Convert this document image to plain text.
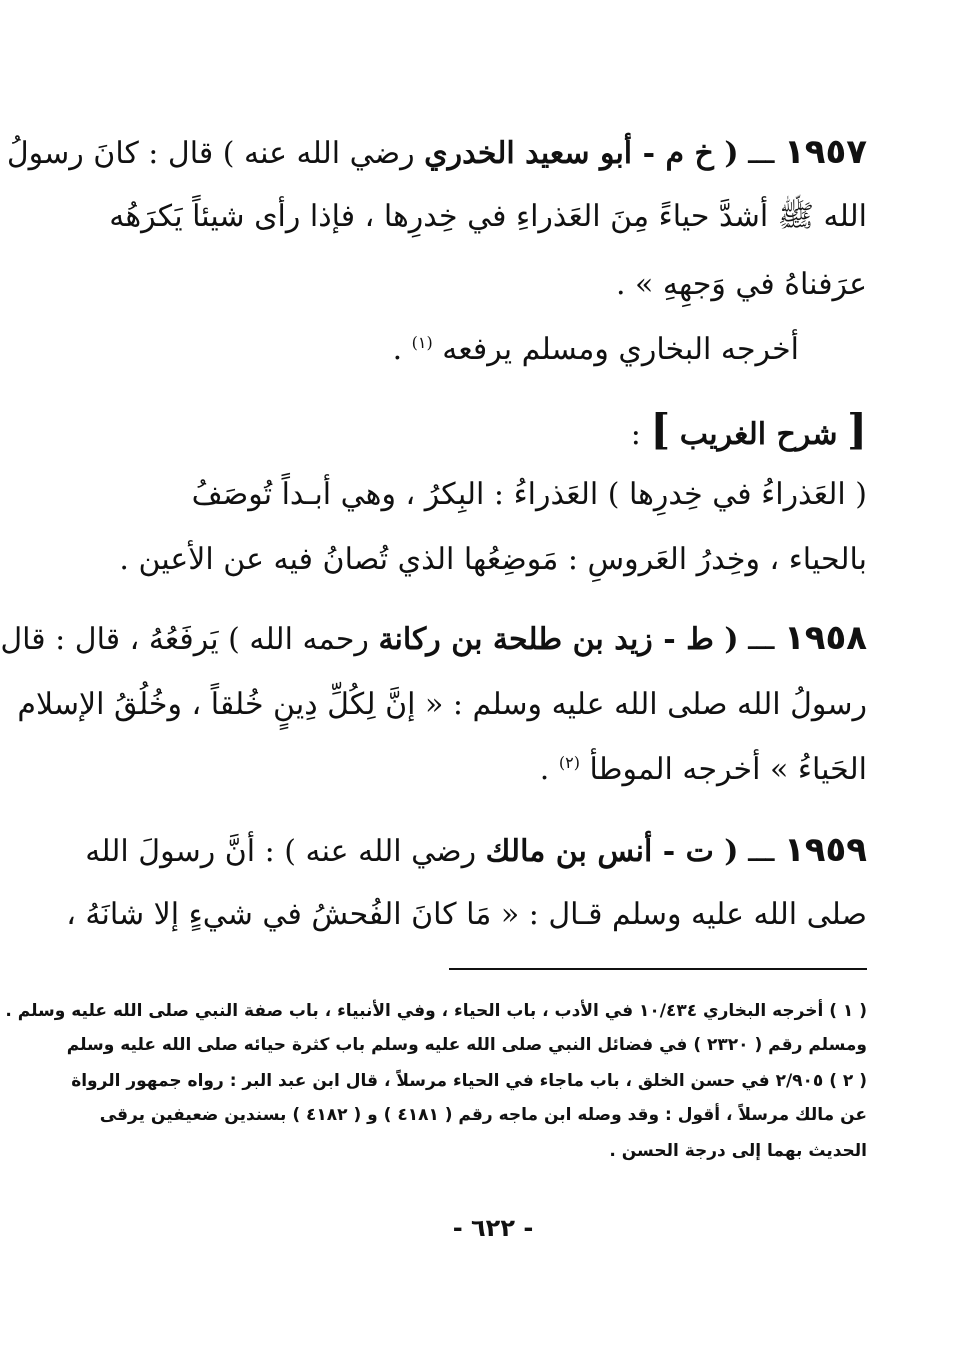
١٩٥٧ ـــ ( خ م - أبو سعيد الخدري رضي الله عنه ) قال : كانَ رسولُ
الله ﷺ أشدَّ حياءً مِنَ العَذراءِ في خِدرِها ، فإذا رأى شيئاً يَكرَهُه
عرَفناهُ في وَجهِهِ » .
أخرجه البخاري ومسلم يرفعه $^{(١)}$ .
[ شرح الغريب ] :
( العَذراءُ في خِدرِها ) العَذراءُ : البِكرُ ، وهي أبـداً تُوصَفُ
بالحياء ، وخِدرُ العَروسِ : مَوضِعُها الذي تُصانُ فيه عن الأعين .
١٩٥٨ ـــ ( ط - زيد بن طلحة بن ركانة رحمه الله ) يَرفَعُهُ ، قال : قال
رسولُ الله صلى الله عليه وسلم : « إنَّ لِكُلِّ دِينٍ خُلقاً ، وخُلُقُ الإسلام
الحَياءُ » أخرجه الموطأ $^{(٢)}$ .
١٩٥٩ ـــ ( ت - أنس بن مالك رضي الله عنه ) : أنَّ رسولَ الله
صلى الله عليه وسلم قـال : « مَا كانَ الفُحشُ في شيءٍ إلا شانَهُ ،
( ١ ) أخرجه البخاري ١٠/٤٣٤ في الأدب ، باب الحياء ، وفي الأنبياء ، باب صفة النبي صلى الله عليه وسلم .
ومسلم رقم ( ٢٣٢٠ ) في فضائل النبي صلى الله عليه وسلم باب كثرة حيائه صلى الله عليه وسلم
( ٢ ) ٢/٩٠٥ في حسن الخلق ، باب ماجاء في الحياء مرسلاً ، قال ابن عبد البر : رواه جمهور الرواة
عن مالك مرسلاً ، أقول : وقد وصله ابن ماجه رقم ( ٤١٨١ ) و ( ٤١٨٢ ) بسندين ضعيفين يرقى
الحديث بهما إلى درجة الحسن .
- ٦٢٢ -
